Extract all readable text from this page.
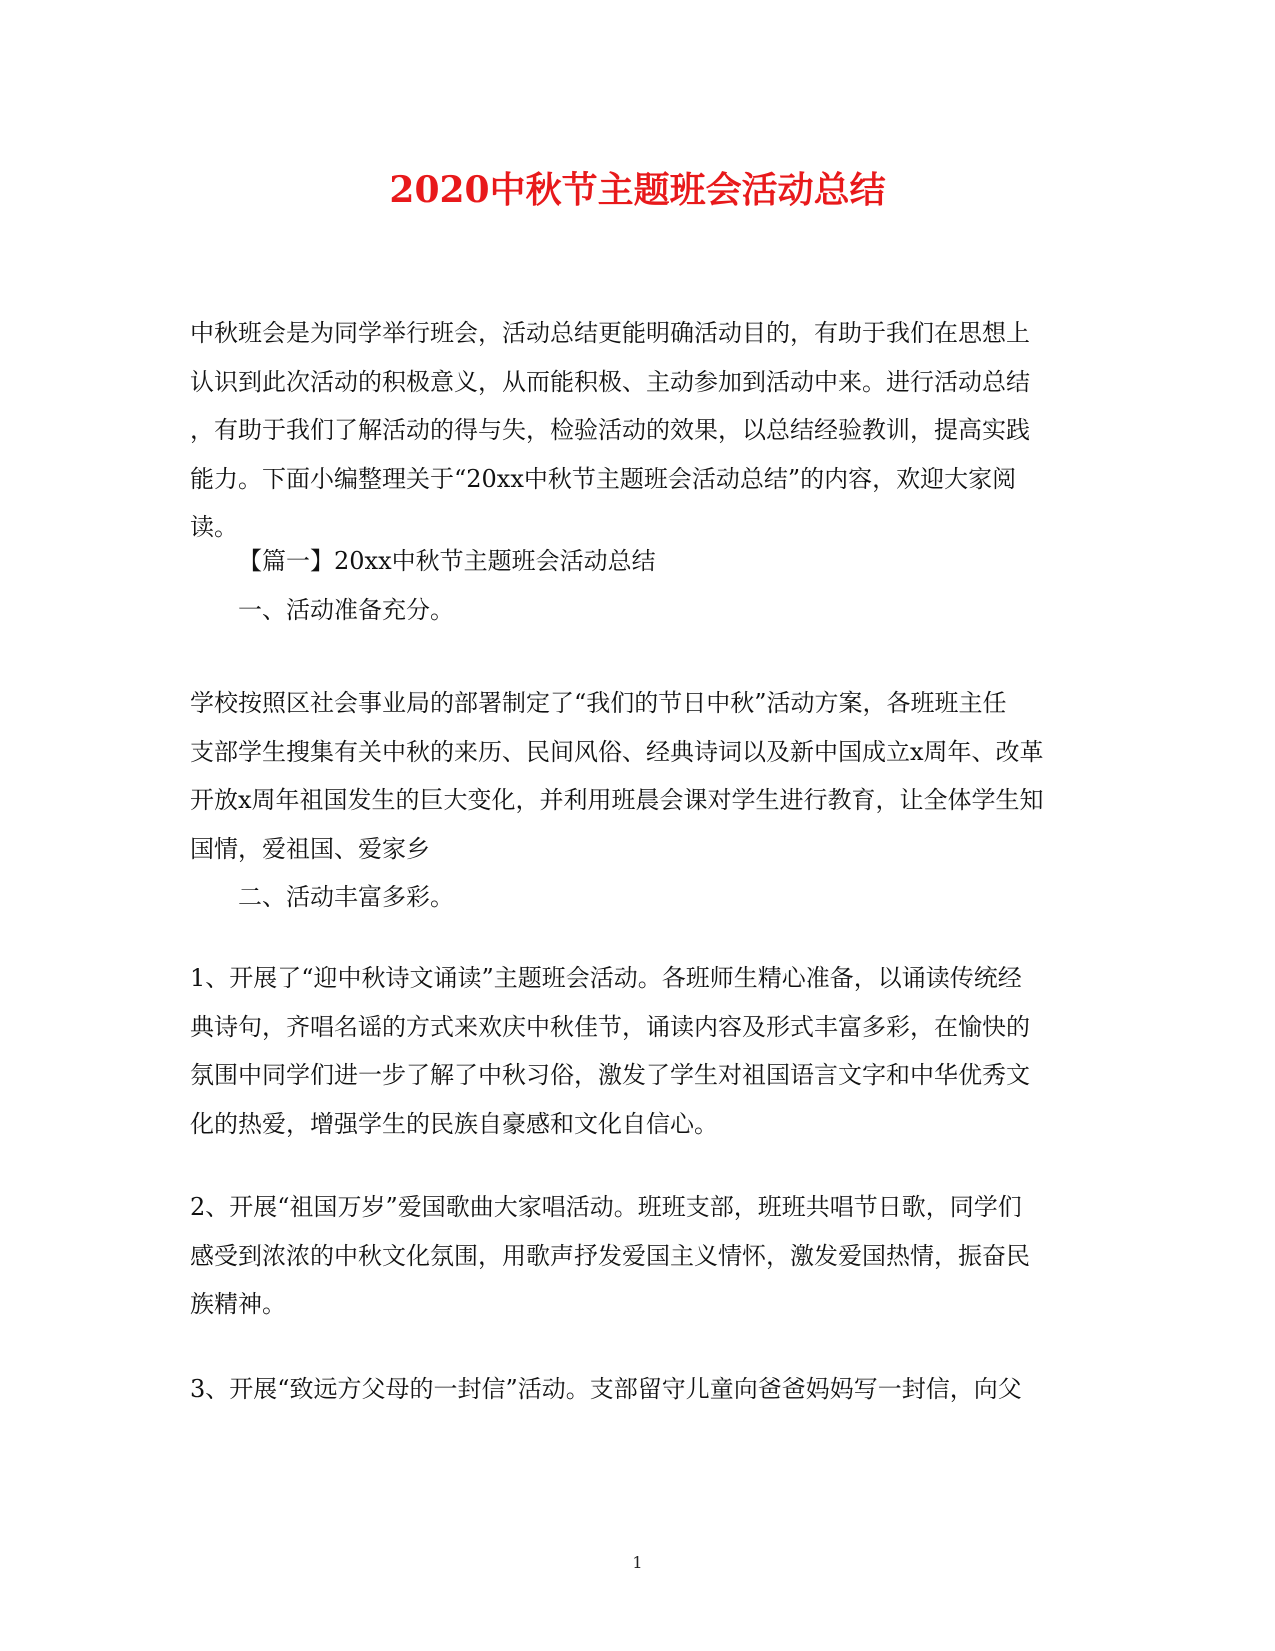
2020中秋节主题班会活动总结

中秋班会是为同学举行班会，活动总结更能明确活动目的，有助于我们在思想上
认识到此次活动的积极意义，从而能积极、主动参加到活动中来。进行活动总结
，有助于我们了解活动的得与失，检验活动的效果，以总结经验教训，提高实践
能力。下面小编整理关于“20xx中秋节主题班会活动总结”的内容，欢迎大家阅
读。

【篇一】20xx中秋节主题班会活动总结
一、活动准备充分。

学校按照区社会事业局的部署制定了“我们的节日中秋”活动方案，各班班主任
支部学生搜集有关中秋的来历、民间风俗、经典诗词以及新中国成立x周年、改革
开放x周年祖国发生的巨大变化，并利用班晨会课对学生进行教育，让全体学生知
国情，爱祖国、爱家乡
二、活动丰富多彩。

1、开展了“迎中秋诗文诵读”主题班会活动。各班师生精心准备，以诵读传统经
典诗句，齐唱名谣的方式来欢庆中秋佳节，诵读内容及形式丰富多彩，在愉快的
氛围中同学们进一步了解了中秋习俗，激发了学生对祖国语言文字和中华优秀文
化的热爱，增强学生的民族自豪感和文化自信心。

2、开展“祖国万岁”爱国歌曲大家唱活动。班班支部，班班共唱节日歌，同学们
感受到浓浓的中秋文化氛围，用歌声抒发爱国主义情怀，激发爱国热情，振奋民
族精神。

3、开展“致远方父母的一封信”活动。支部留守儿童向爸爸妈妈写一封信，向父

1
